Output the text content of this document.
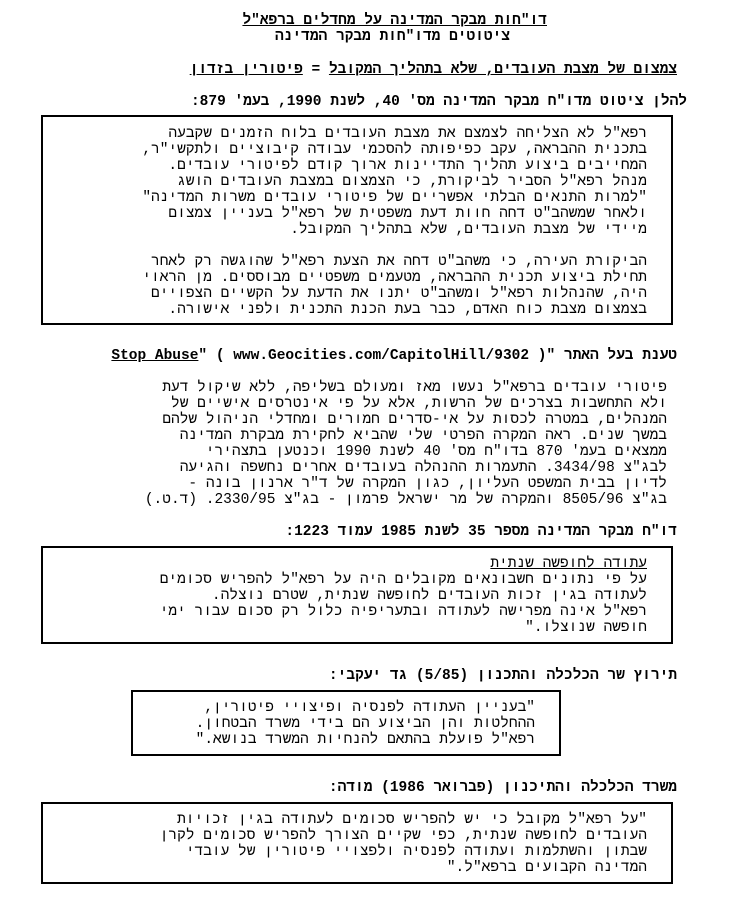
דו"חות מבקר המדינה על מחדלים ברפא"ל
ציטוטים מדו"חות מבקר המדינה
צמצום של מצבת העובדים, שלא בתהליך המקובל = פיטורין בזדון
להלן ציטוט מדו"ח מבקר המדינה מס' 40, לשנת 1990, בעמ' 879:
רפא"ל לא הצליחה לצמצם את מצבת העובדים בלוח הזמנים שקבעה
בתכנית ההבראה, עקב כפיפותה להסכמי עבודה קיבוציים ולתקשי"ר,
המחייבים ביצוע תהליך התדיינות ארוך קודם לפיטורי עובדים.
מנהל רפא"ל הסביר לביקורת, כי הצמצום במצבת העובדים הושג
"למרות התנאים הבלתי אפשריים של פיטורי עובדים משרות המדינה"
ולאחר שמשהב"ט דחה חוות דעת משפטית של רפא"ל בעניין צמצום
מיידי של מצבת העובדים, שלא בתהליך המקובל.
הביקורת העירה, כי משהב"ט דחה את הצעת רפא"ל שהוגשה רק לאחר
תחילת ביצוע תכנית ההבראה, מטעמים משפטיים מבוססים. מן הראוי
היה, שהנהלות רפא"ל ומשהב"ט יתנו את הדעת על הקשיים הצפויים
בצמצום מצבת כוח האדם, כבר בעת הכנת התכנית ולפני אישורה.
טענת בעל האתר "Stop Abuse" ( www.Geocities.com/CapitolHill/9302 )
פיטורי עובדים ברפא"ל נעשו מאז ומעולם בשליפה, ללא שיקול דעת
ולא התחשבות בצרכים של הרשות, אלא על פי אינטרסים אישיים של
המנהלים, במטרה לכסות על אי-סדרים חמורים ומחדלי הניהול שלהם
במשך שנים. ראה המקרה הפרטי שלי שהביא לחקירת מבקרת המדינה
ממצאים בעמ' 870 בדו"ח מס' 40 לשנת 1990 וכנטען בתצהירי
לבג"צ 3434/98. התעמרות ההנהלה בעובדים אחרים נחשפה והגיעה
לדיון בבית המשפט העליון, כגון המקרה של ד"ר ארנון בונה -
בג"צ 8505/96 והמקרה של מר ישראל פרמון - בג"צ 2330/95. (ד.ט.)
דו"ח מבקר המדינה מספר 35 לשנת 1985 עמוד 1223:
עתודה לחופשה שנתית
על פי נתונים חשבונאים מקובלים היה על רפא"ל להפריש סכומים
לעתודה בגין זכות העובדים לחופשה שנתית, שטרם נוצלה.
רפא"ל אינה מפרישה לעתודה ובתעריפיה כלול רק סכום עבור ימי
חופשה שנוצלו."
תירוץ שר הכלכלה והתכנון (5/85) גד יעקבי:
"בעניין העתודה לפנסיה ופיצויי פיטורין,
ההחלטות והן הביצוע הם בידי משרד הבטחון.
רפא"ל פועלת בהתאם להנחיות המשרד בנושא."
משרד הכלכלה והתיכנון (פברואר 1986) מודה:
"על רפא"ל מקובל כי יש להפריש סכומים לעתודה בגין זכויות
העובדים לחופשה שנתית, כפי שקיים הצורך להפריש סכומים לקרן
שבתון והשתלמות ועתודה לפנסיה ולפצויי פיטורין של עובדי
המדינה הקבועים ברפא"ל."
